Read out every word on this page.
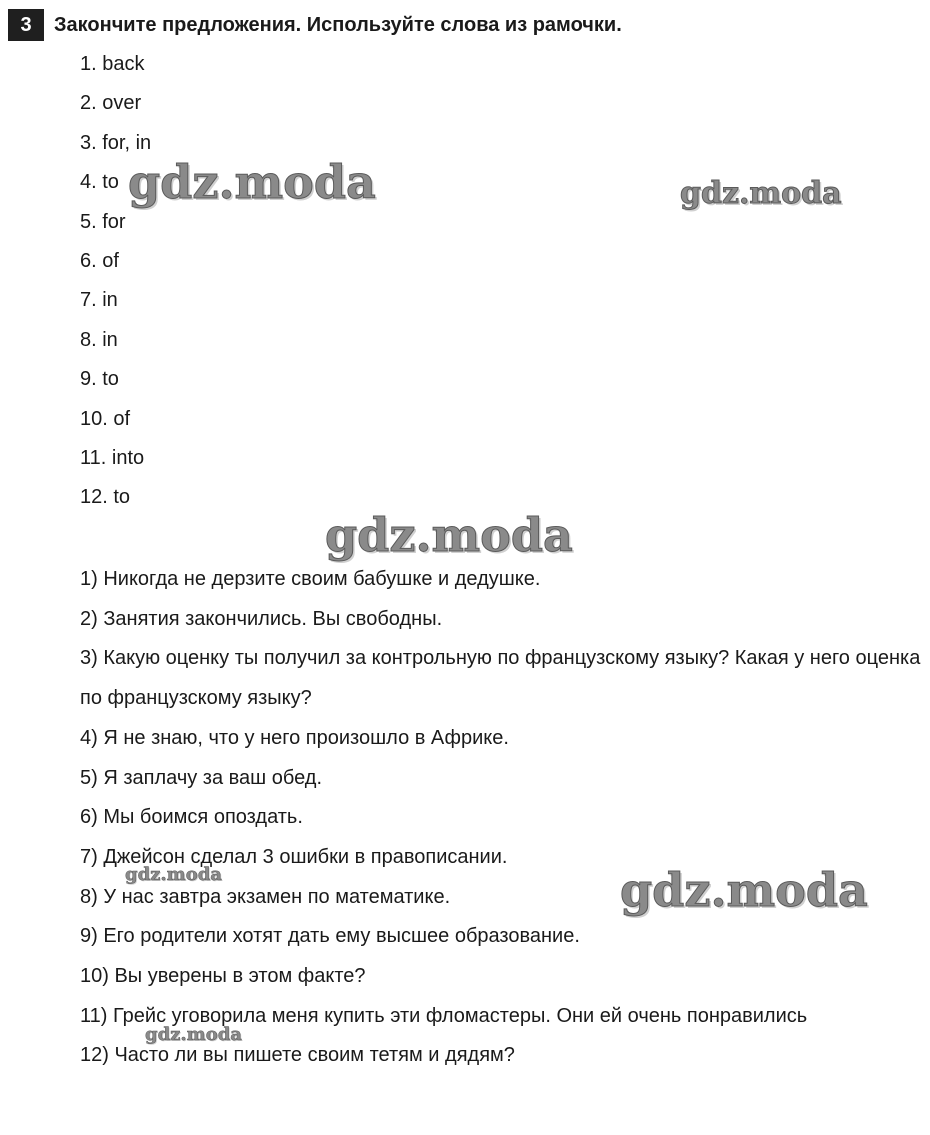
3	Закончите предложения. Используйте слова из рамочки.
1. back
2. over
3. for, in
4. to
5. for
6. of
7. in
8. in
9. to
10. of
11. into
12. to
1) Никогда не дерзите своим бабушке и дедушке.
2) Занятия закончились. Вы свободны.
3) Какую оценку ты получил за контрольную по французскому языку? Какая у него оценка по французскому языку?
4) Я не знаю, что у него произошло в Африке.
5) Я заплачу за ваш обед.
6) Мы боимся опоздать.
7) Джейсон сделал 3 ошибки в правописании.
8) У нас завтра экзамен по математике.
9) Его родители хотят дать ему высшее образование.
10) Вы уверены в этом факте?
11) Грейс уговорила меня купить эти фломастеры. Они ей очень понравились
12) Часто ли вы пишете своим тетям и дядям?
gdz.moda	gdz.moda
gdz.moda
gdz.moda
gdz.moda
gdz.moda
